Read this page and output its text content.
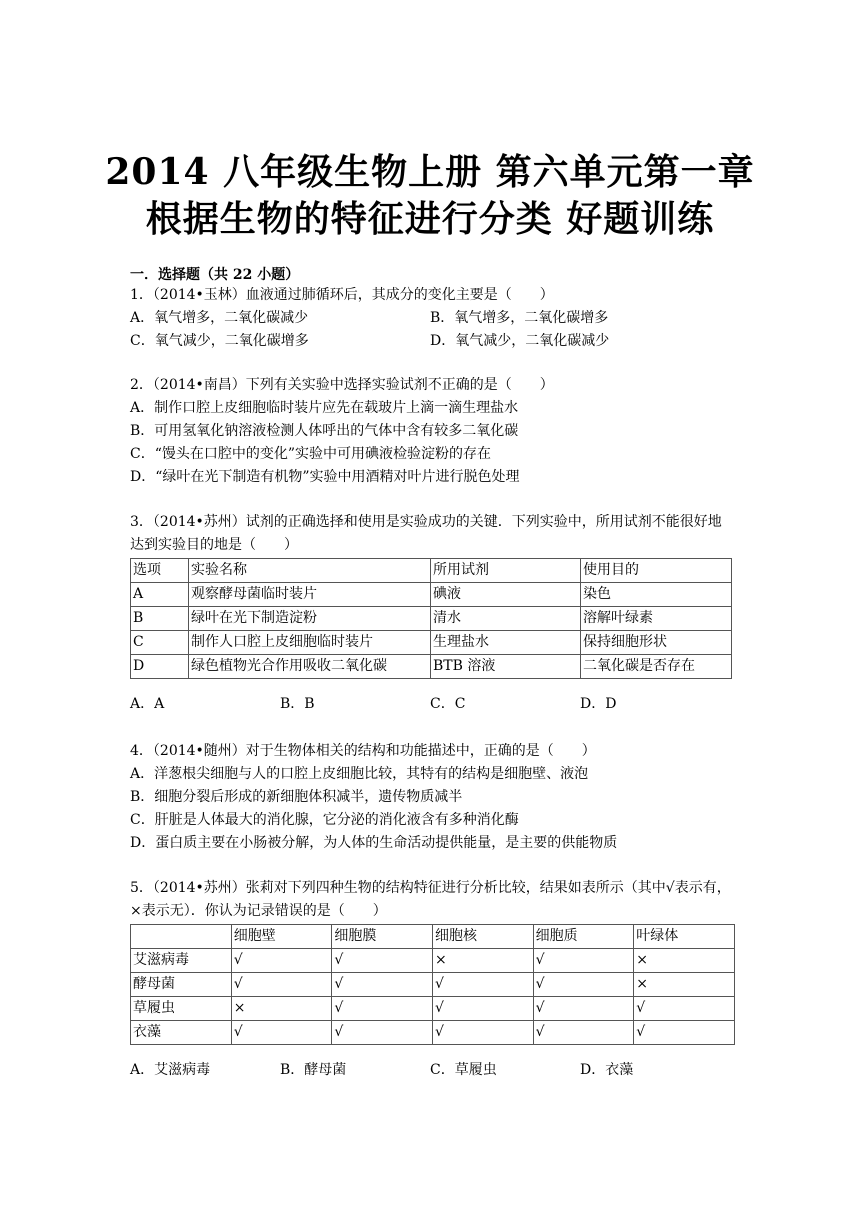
2014 八年级生物上册 第六单元第一章
根据生物的特征进行分类 好题训练
一．选择题（共 22 小题）

1．（2014•玉林）血液通过肺循环后，其成分的变化主要是（　　）

A．氧气增多，二氧化碳减少	B．氧气增多，二氧化碳增多
C．氧气减少，二氧化碳增多	D．氧气减少，二氧化碳减少

2．（2014•南昌）下列有关实验中选择实验试剂不正确的是（　　）

A．制作口腔上皮细胞临时装片应先在载玻片上滴一滴生理盐水

B．可用氢氧化钠溶液检测人体呼出的气体中含有较多二氧化碳

C．“馒头在口腔中的变化”实验中可用碘液检验淀粉的存在

D．“绿叶在光下制造有机物”实验中用酒精对叶片进行脱色处理

3．（2014•苏州）试剂的正确选择和使用是实验成功的关键．下列实验中，所用试剂不能很好地达到实验目的地是（　　）

选项	实验名称	所用试剂	使用目的
A	观察酵母菌临时装片	碘液	染色
B	绿叶在光下制造淀粉	清水	溶解叶绿素
C	制作人口腔上皮细胞临时装片	生理盐水	保持细胞形状
D	绿色植物光合作用吸收二氧化碳	BTB 溶液	二氧化碳是否存在
A．A	B．B	C．C	D．D

4．（2014•随州）对于生物体相关的结构和功能描述中，正确的是（　　）

A．洋葱根尖细胞与人的口腔上皮细胞比较，其特有的结构是细胞壁、液泡

B．细胞分裂后形成的新细胞体积减半，遗传物质减半

C．肝脏是人体最大的消化腺，它分泌的消化液含有多种消化酶

D．蛋白质主要在小肠被分解，为人体的生命活动提供能量，是主要的供能物质

5．（2014•苏州）张莉对下列四种生物的结构特征进行分析比较，结果如表所示（其中√表示有，×表示无）．你认为记录错误的是（　　）

	细胞壁	细胞膜	细胞核	细胞质	叶绿体
艾滋病毒	√	√	×	√	×
酵母菌	√	√	√	√	×
草履虫	×	√	√	√	√
衣藻	√	√	√	√	√
A．艾滋病毒	B．酵母菌	C．草履虫	D．衣藻
